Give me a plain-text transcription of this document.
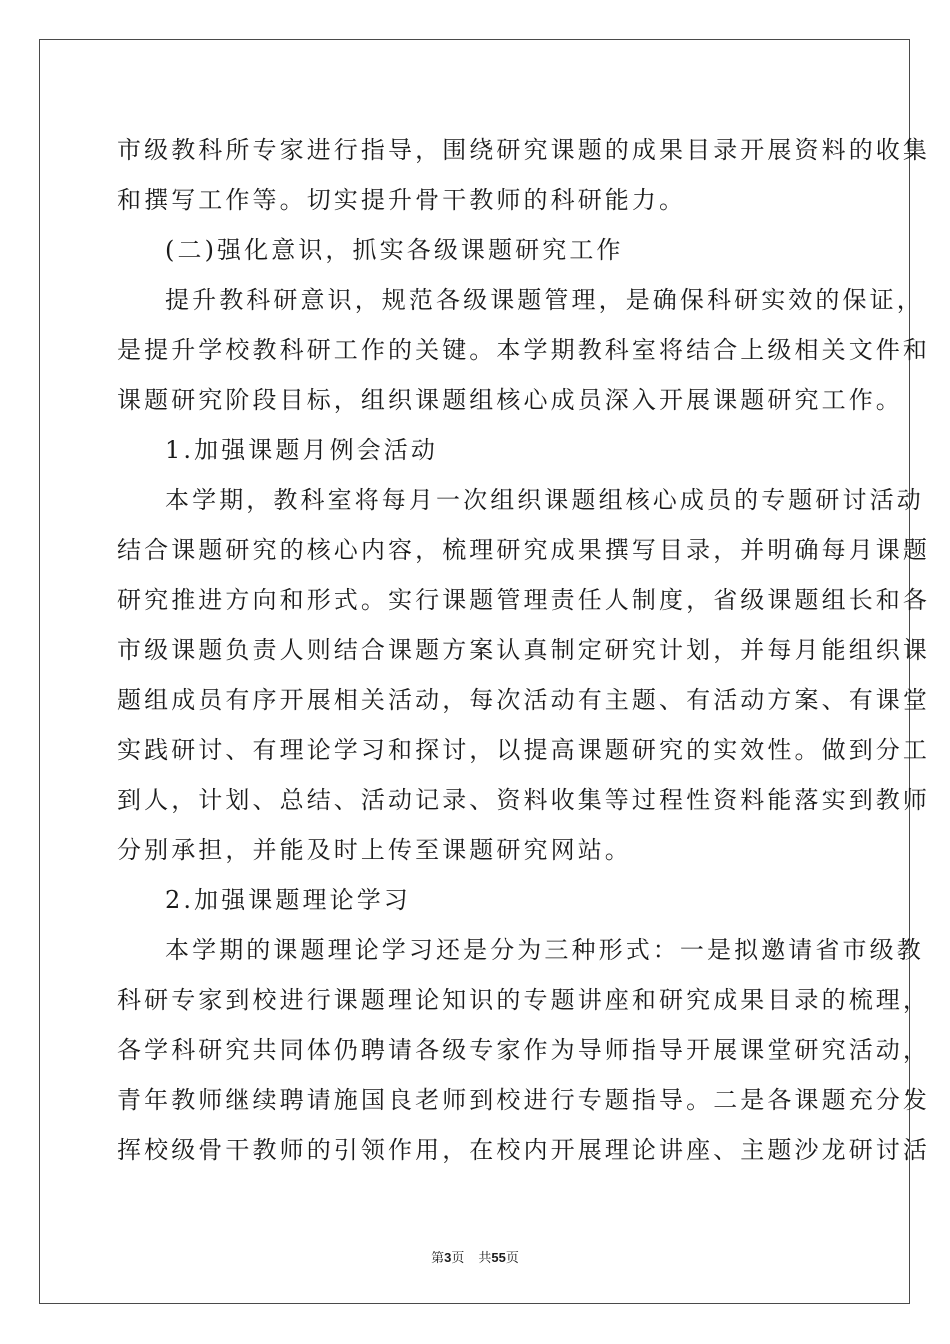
市级教科所专家进行指导，围绕研究课题的成果目录开展资料的收集
和撰写工作等。切实提升骨干教师的科研能力。
(二)强化意识，抓实各级课题研究工作
提升教科研意识，规范各级课题管理，是确保科研实效的保证，
是提升学校教科研工作的关键。本学期教科室将结合上级相关文件和
课题研究阶段目标，组织课题组核心成员深入开展课题研究工作。
1.加强课题月例会活动
本学期，教科室将每月一次组织课题组核心成员的专题研讨活动
结合课题研究的核心内容，梳理研究成果撰写目录，并明确每月课题
研究推进方向和形式。实行课题管理责任人制度，省级课题组长和各
市级课题负责人则结合课题方案认真制定研究计划，并每月能组织课
题组成员有序开展相关活动，每次活动有主题、有活动方案、有课堂
实践研讨、有理论学习和探讨，以提高课题研究的实效性。做到分工
到人，计划、总结、活动记录、资料收集等过程性资料能落实到教师
分别承担，并能及时上传至课题研究网站。
2.加强课题理论学习
本学期的课题理论学习还是分为三种形式：一是拟邀请省市级教
科研专家到校进行课题理论知识的专题讲座和研究成果目录的梳理，
各学科研究共同体仍聘请各级专家作为导师指导开展课堂研究活动，
青年教师继续聘请施国良老师到校进行专题指导。二是各课题充分发
挥校级骨干教师的引领作用，在校内开展理论讲座、主题沙龙研讨活
第3页 共55页
